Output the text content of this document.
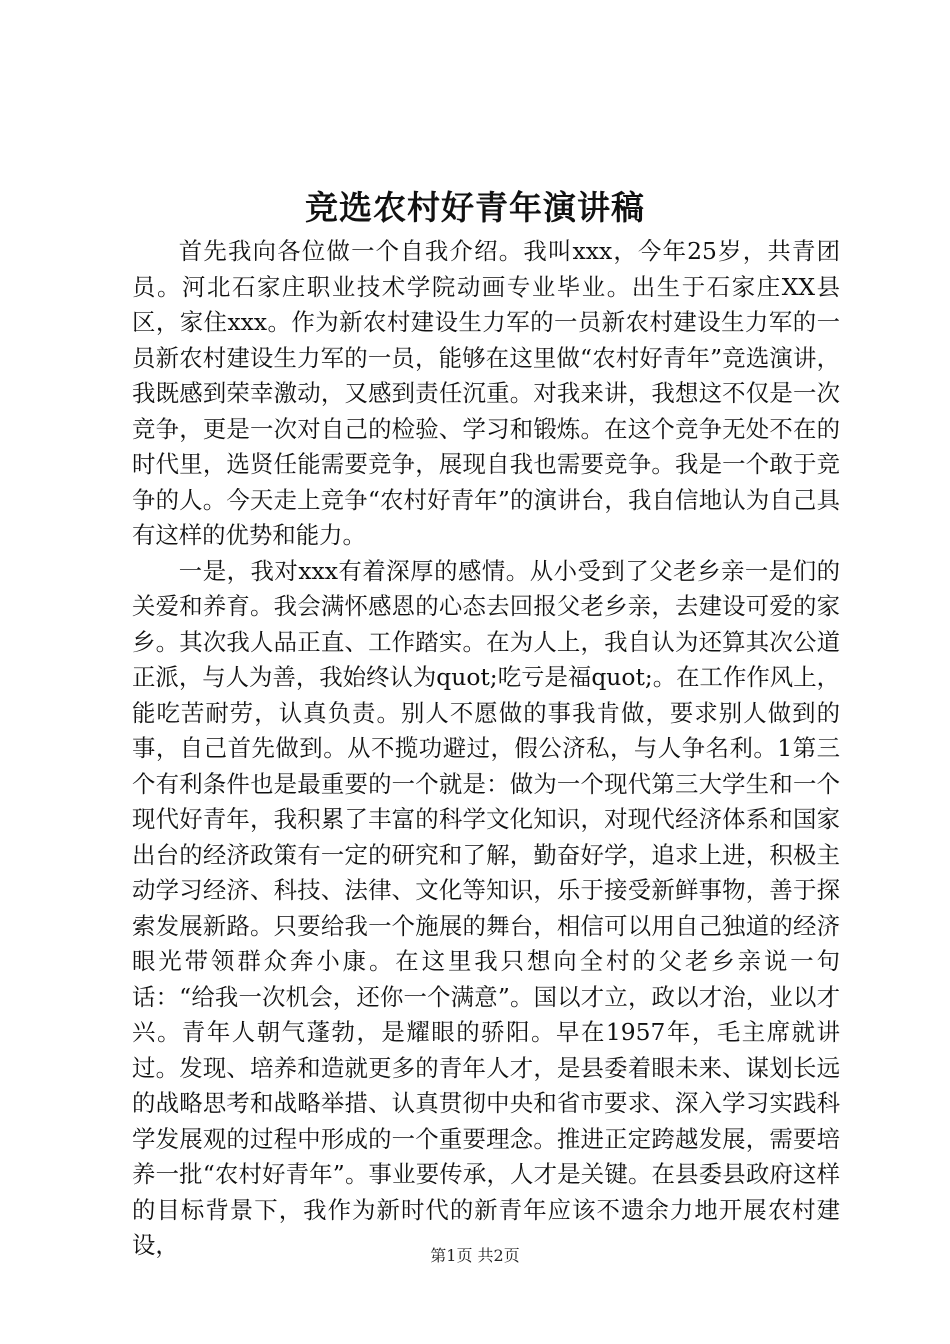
竞选农村好青年演讲稿

首先我向各位做一个自我介绍。我叫xxx，今年25岁，共青团员。河北石家庄职业技术学院动画专业毕业。出生于石家庄XX县区，家住xxx。作为新农村建设生力军的一员新农村建设生力军的一员新农村建设生力军的一员，能够在这里做“农村好青年”竞选演讲，我既感到荣幸激动，又感到责任沉重。对我来讲，我想这不仅是一次竞争，更是一次对自己的检验、学习和锻炼。在这个竞争无处不在的时代里，选贤任能需要竞争，展现自我也需要竞争。我是一个敢于竞争的人。今天走上竞争“农村好青年”的演讲台，我自信地认为自己具有这样的优势和能力。

一是，我对xxx有着深厚的感情。从小受到了父老乡亲一是们的关爱和养育。我会满怀感恩的心态去回报父老乡亲，去建设可爱的家乡。其次我人品正直、工作踏实。在为人上，我自认为还算其次公道正派，与人为善，我始终认为quot;吃亏是福quot;。在工作作风上，能吃苦耐劳，认真负责。别人不愿做的事我肯做，要求别人做到的事，自己首先做到。从不揽功避过，假公济私，与人争名利。1第三个有利条件也是最重要的一个就是：做为一个现代第三大学生和一个现代好青年，我积累了丰富的科学文化知识，对现代经济体系和国家出台的经济政策有一定的研究和了解，勤奋好学，追求上进，积极主动学习经济、科技、法律、文化等知识，乐于接受新鲜事物，善于探索发展新路。只要给我一个施展的舞台，相信可以用自己独道的经济眼光带领群众奔小康。在这里我只想向全村的父老乡亲说一句话：“给我一次机会，还你一个满意”。国以才立，政以才治，业以才兴。青年人朝气蓬勃，是耀眼的骄阳。早在1957年，毛主席就讲过。发现、培养和造就更多的青年人才，是县委着眼未来、谋划长远的战略思考和战略举措、认真贯彻中央和省市要求、深入学习实践科学发展观的过程中形成的一个重要理念。推进正定跨越发展，需要培养一批“农村好青年”。事业要传承，人才是关键。在县委县政府这样的目标背景下，我作为新时代的新青年应该不遗余力地开展农村建设，	第1页 共2页
